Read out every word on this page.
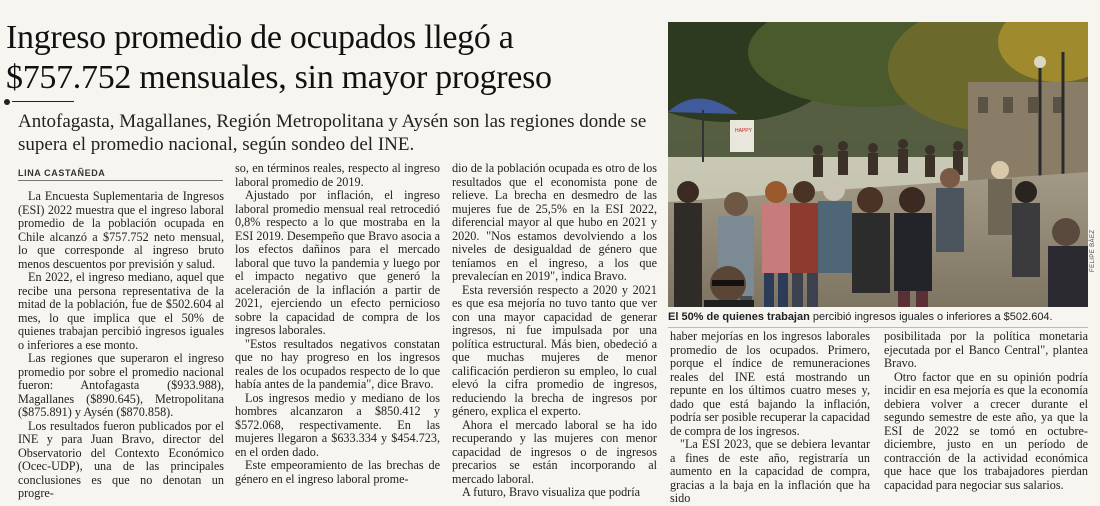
Ingreso promedio de ocupados llegó a
$757.752 mensuales, sin mayor progreso
Antofagasta, Magallanes, Región Metropolitana y Aysén son las regiones donde se supera el promedio nacional, según sondeo del INE.
LINA CASTAÑEDA

La Encuesta Suplementaria de Ingresos (ESI) 2022 muestra que el ingreso laboral promedio de la población ocupada en Chile alcanzó a $757.752 neto mensual, lo que corresponde al ingreso bruto menos descuentos por previsión y salud.

En 2022, el ingreso mediano, aquel que recibe una persona representativa de la mitad de la población, fue de $502.604 al mes, lo que implica que el 50% de quienes trabajan percibió ingresos iguales o inferiores a ese monto.

Las regiones que superaron el ingreso promedio por sobre el promedio nacional fueron: Antofagasta ($933.988), Magallanes ($890.645), Metropolitana ($875.891) y Aysén ($870.858).

Los resultados fueron publicados por el INE y para Juan Bravo, director del Observatorio del Contexto Económico (Ocec-UDP), una de las principales conclusiones es que no denotan un progre-

so, en términos reales, respecto al ingreso laboral promedio de 2019.

Ajustado por inflación, el ingreso laboral promedio mensual real retrocedió 0,8% respecto a lo que mostraba en la ESI 2019. Desempeño que Bravo asocia a los efectos dañinos para el mercado laboral que tuvo la pandemia y luego por el impacto negativo que generó la aceleración de la inflación a partir de 2021, ejerciendo un efecto pernicioso sobre la capacidad de compra de los ingresos laborales.

"Estos resultados negativos constatan que no hay progreso en los ingresos reales de los ocupados respecto de lo que había antes de la pandemia", dice Bravo.

Los ingresos medio y mediano de los hombres alcanzaron a $850.412 y $572.068, respectivamente. En las mujeres llegaron a $633.334 y $454.723, en el orden dado.

Este empeoramiento de las brechas de género en el ingreso laboral prome-

dio de la población ocupada es otro de los resultados que el economista pone de relieve. La brecha en desmedro de las mujeres fue de 25,5% en la ESI 2022, diferencial mayor al que hubo en 2021 y 2020. "Nos estamos devolviendo a los niveles de desigualdad de género que teníamos en el ingreso, a los que prevalecían en 2019", indica Bravo.

Esta reversión respecto a 2020 y 2021 es que esa mejoría no tuvo tanto que ver con una mayor capacidad de generar ingresos, ni fue impulsada por una política estructural. Más bien, obedeció a que muchas mujeres de menor calificación perdieron su empleo, lo cual elevó la cifra promedio de ingresos, reduciendo la brecha de ingresos por género, explica el experto.

Ahora el mercado laboral se ha ido recuperando y las mujeres con menor capacidad de ingresos o de ingresos precarios se están incorporando al mercado laboral.

A futuro, Bravo visualiza que podría

HAPPY
FELIPE BÁEZ
El 50% de quienes trabajan percibió ingresos iguales o inferiores a $502.604.

haber mejorías en los ingresos laborales promedio de los ocupados. Primero, porque el índice de remuneraciones reales del INE está mostrando un repunte en los últimos cuatro meses y, dado que está bajando la inflación, podría ser posible recuperar la capacidad de compra de los ingresos.

"La ESI 2023, que se debiera levantar a fines de este año, registraría un aumento en la capacidad de compra, gracias a la baja en la inflación que ha sido

posibilitada por la política monetaria ejecutada por el Banco Central", plantea Bravo.

Otro factor que en su opinión podría incidir en esa mejoría es que la economía debiera volver a crecer durante el segundo semestre de este año, ya que la ESI de 2022 se tomó en octubre-diciembre, justo en un período de contracción de la actividad económica que hace que los trabajadores pierdan capacidad para negociar sus salarios.
